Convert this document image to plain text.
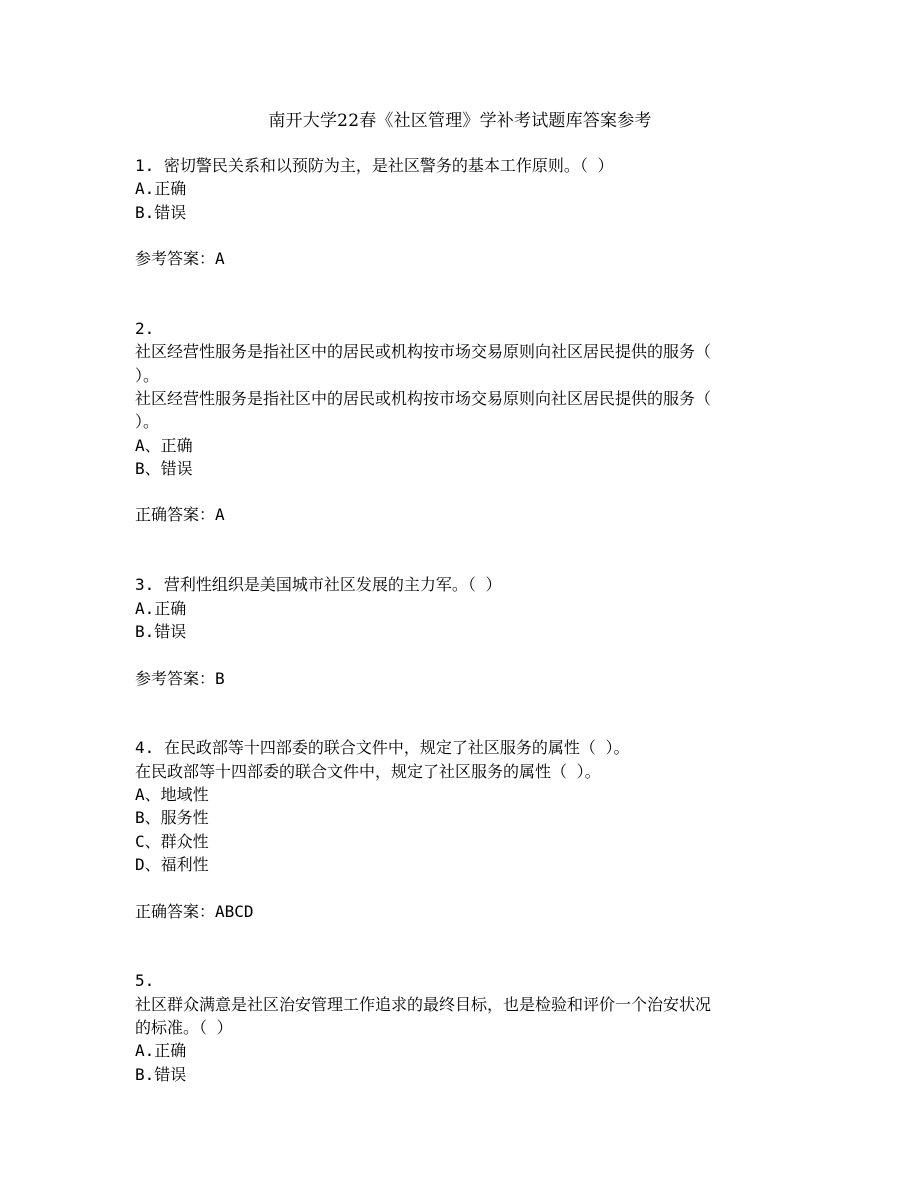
南开大学22春《社区管理》学补考试题库答案参考
1. 密切警民关系和以预防为主，是社区警务的基本工作原则。（ ）
A.正确
B.错误
参考答案：A
2.
社区经营性服务是指社区中的居民或机构按市场交易原则向社区居民提供的服务（
）。
社区经营性服务是指社区中的居民或机构按市场交易原则向社区居民提供的服务（
）。
A、正确
B、错误
正确答案：A
3. 营利性组织是美国城市社区发展的主力军。（ ）
A.正确
B.错误
参考答案：B
4. 在民政部等十四部委的联合文件中，规定了社区服务的属性（ ）。
在民政部等十四部委的联合文件中，规定了社区服务的属性（ ）。
A、地域性
B、服务性
C、群众性
D、福利性
正确答案：ABCD
5.
社区群众满意是社区治安管理工作追求的最终目标，也是检验和评价一个治安状况
的标准。（ ）
A.正确
B.错误
